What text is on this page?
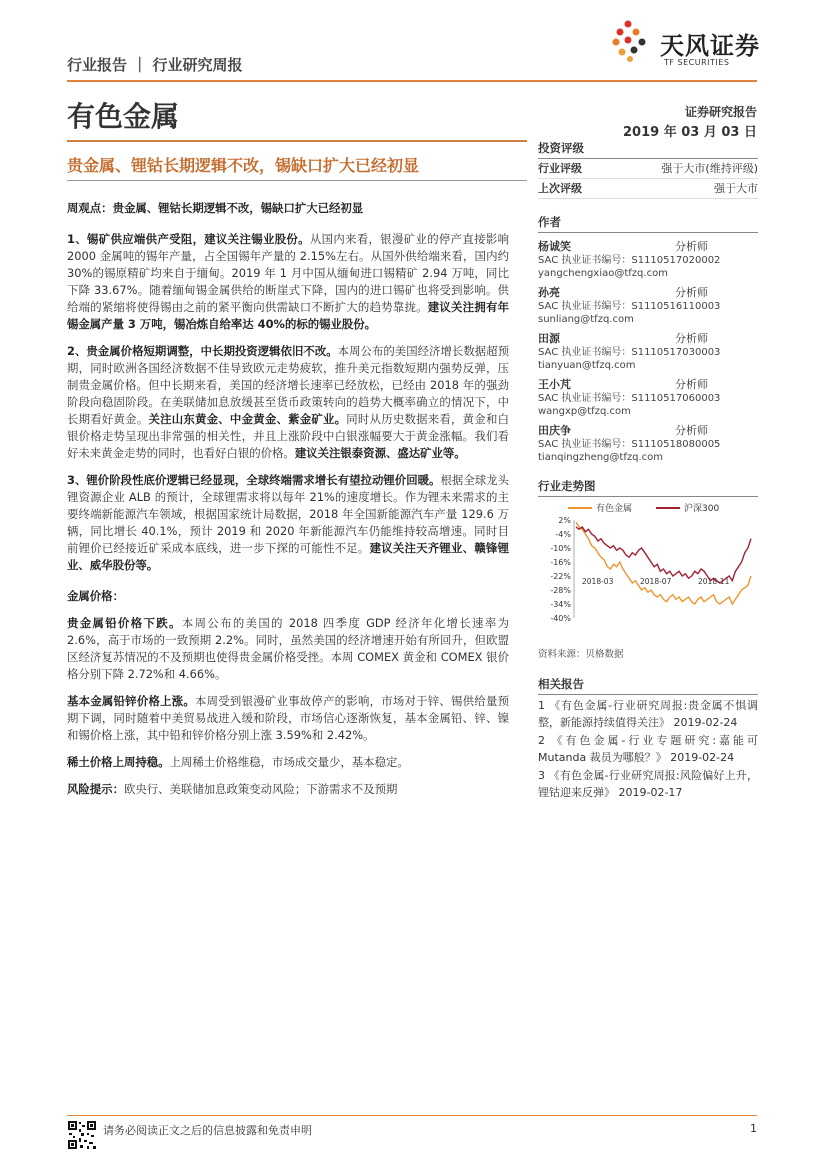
天风证券
TF SECURITIES
行业报告 ｜ 行业研究周报
有色金属	证券研究报告
2019 年 03 月 03 日
贵金属、锂钴长期逻辑不改，锡缺口扩大已经初显

周观点：贵金属、锂钴长期逻辑不改，锡缺口扩大已经初显

1、锡矿供应端供产受阻，建议关注锡业股份。从国内来看，银漫矿业的停产直接影响 2000 金属吨的锡年产量，占全国锡年产量的 2.15%左右。从国外供给端来看，国内约 30%的锡原精矿均来自于缅甸。2019 年 1 月中国从缅甸进口锡精矿 2.94 万吨，同比下降 33.67%。随着缅甸锡金属供给的断崖式下降，国内的进口锡矿也将受到影响。供给端的紧缩将使得锡由之前的紧平衡向供需缺口不断扩大的趋势靠拢。建议关注拥有年锡金属产量 3 万吨，锡冶炼自给率达 40%的标的锡业股份。

2、贵金属价格短期调整，中长期投资逻辑依旧不改。本周公布的美国经济增长数据超预期，同时欧洲各国经济数据不佳导致欧元走势疲软，推升美元指数短期内强势反弹，压制贵金属价格。但中长期来看，美国的经济增长速率已经放松，已经由 2018 年的强劲阶段向稳固阶段。在美联储加息放缓甚至货币政策转向的趋势大概率确立的情况下，中长期看好黄金。关注山东黄金、中金黄金、紫金矿业。同时从历史数据来看，黄金和白银价格走势呈现出非常强的相关性，并且上涨阶段中白银涨幅要大于黄金涨幅。我们看好未来黄金走势的同时，也看好白银的价格。建议关注银泰资源、盛达矿业等。

3、锂价阶段性底价逻辑已经显现，全球终端需求增长有望拉动锂价回暖。根据全球龙头锂资源企业 ALB 的预计，全球锂需求将以每年 21%的速度增长。作为锂未来需求的主要终端新能源汽车领域，根据国家统计局数据，2018 年全国新能源汽车产量 129.6 万辆，同比增长 40.1%，预计 2019 和 2020 年新能源汽车仍能维持较高增速。同时目前锂价已经接近矿采成本底线，进一步下探的可能性不足。建议关注天齐锂业、赣锋锂业、威华股份等。

金属价格：

贵金属铅价格下跌。本周公布的美国的 2018 四季度 GDP 经济年化增长速率为 2.6%，高于市场的一致预期 2.2%。同时，虽然美国的经济增速开始有所回升，但欧盟区经济复苏情况的不及预期也使得贵金属价格受挫。本周 COMEX 黄金和 COMEX 银价格分别下降 2.72%和 4.66%。

基本金属铅锌价格上涨。本周受到银漫矿业事故停产的影响，市场对于锌、锡供给量预期下调，同时随着中美贸易战进入缓和阶段，市场信心逐渐恢复，基本金属铅、锌、镍和锡价格上涨，其中铅和锌价格分别上涨 3.59%和 2.42%。

稀土价格上周持稳。上周稀土价格维稳，市场成交量少，基本稳定。

风险提示：欧央行、美联储加息政策变动风险；下游需求不及预期

投资评级
行业评级	强于大市(维持评级)
上次评级	强于大市
作者
杨诚笑	分析师
SAC 执业证书编号：S1110517020002
yangchengxiao@tfzq.com
孙亮	分析师
SAC 执业证书编号：S1110516110003
sunliang@tfzq.com
田源	分析师
SAC 执业证书编号：S1110517030003
tianyuan@tfzq.com
王小芃	分析师
SAC 执业证书编号：S1110517060003
wangxp@tfzq.com
田庆争	分析师
SAC 执业证书编号：S1110518080005
tianqingzheng@tfzq.com
行业走势图
有色金属	沪深300
2%
-4%
-10%
-16%
-22%
-28%
-34%
-40%
2018-03	2018-07	2018-11
资料来源：贝格数据
相关报告

1 《有色金属-行业研究周报:贵金属不惧调整，新能源持续值得关注》 2019-02-24

2 《有色金属-行业专题研究:嘉能可 Mutanda 裁员为哪般？》 2019-02-24

3 《有色金属-行业研究周报:风险偏好上升，锂钴迎来反弹》 2019-02-17

请务必阅读正文之后的信息披露和免责申明	1
